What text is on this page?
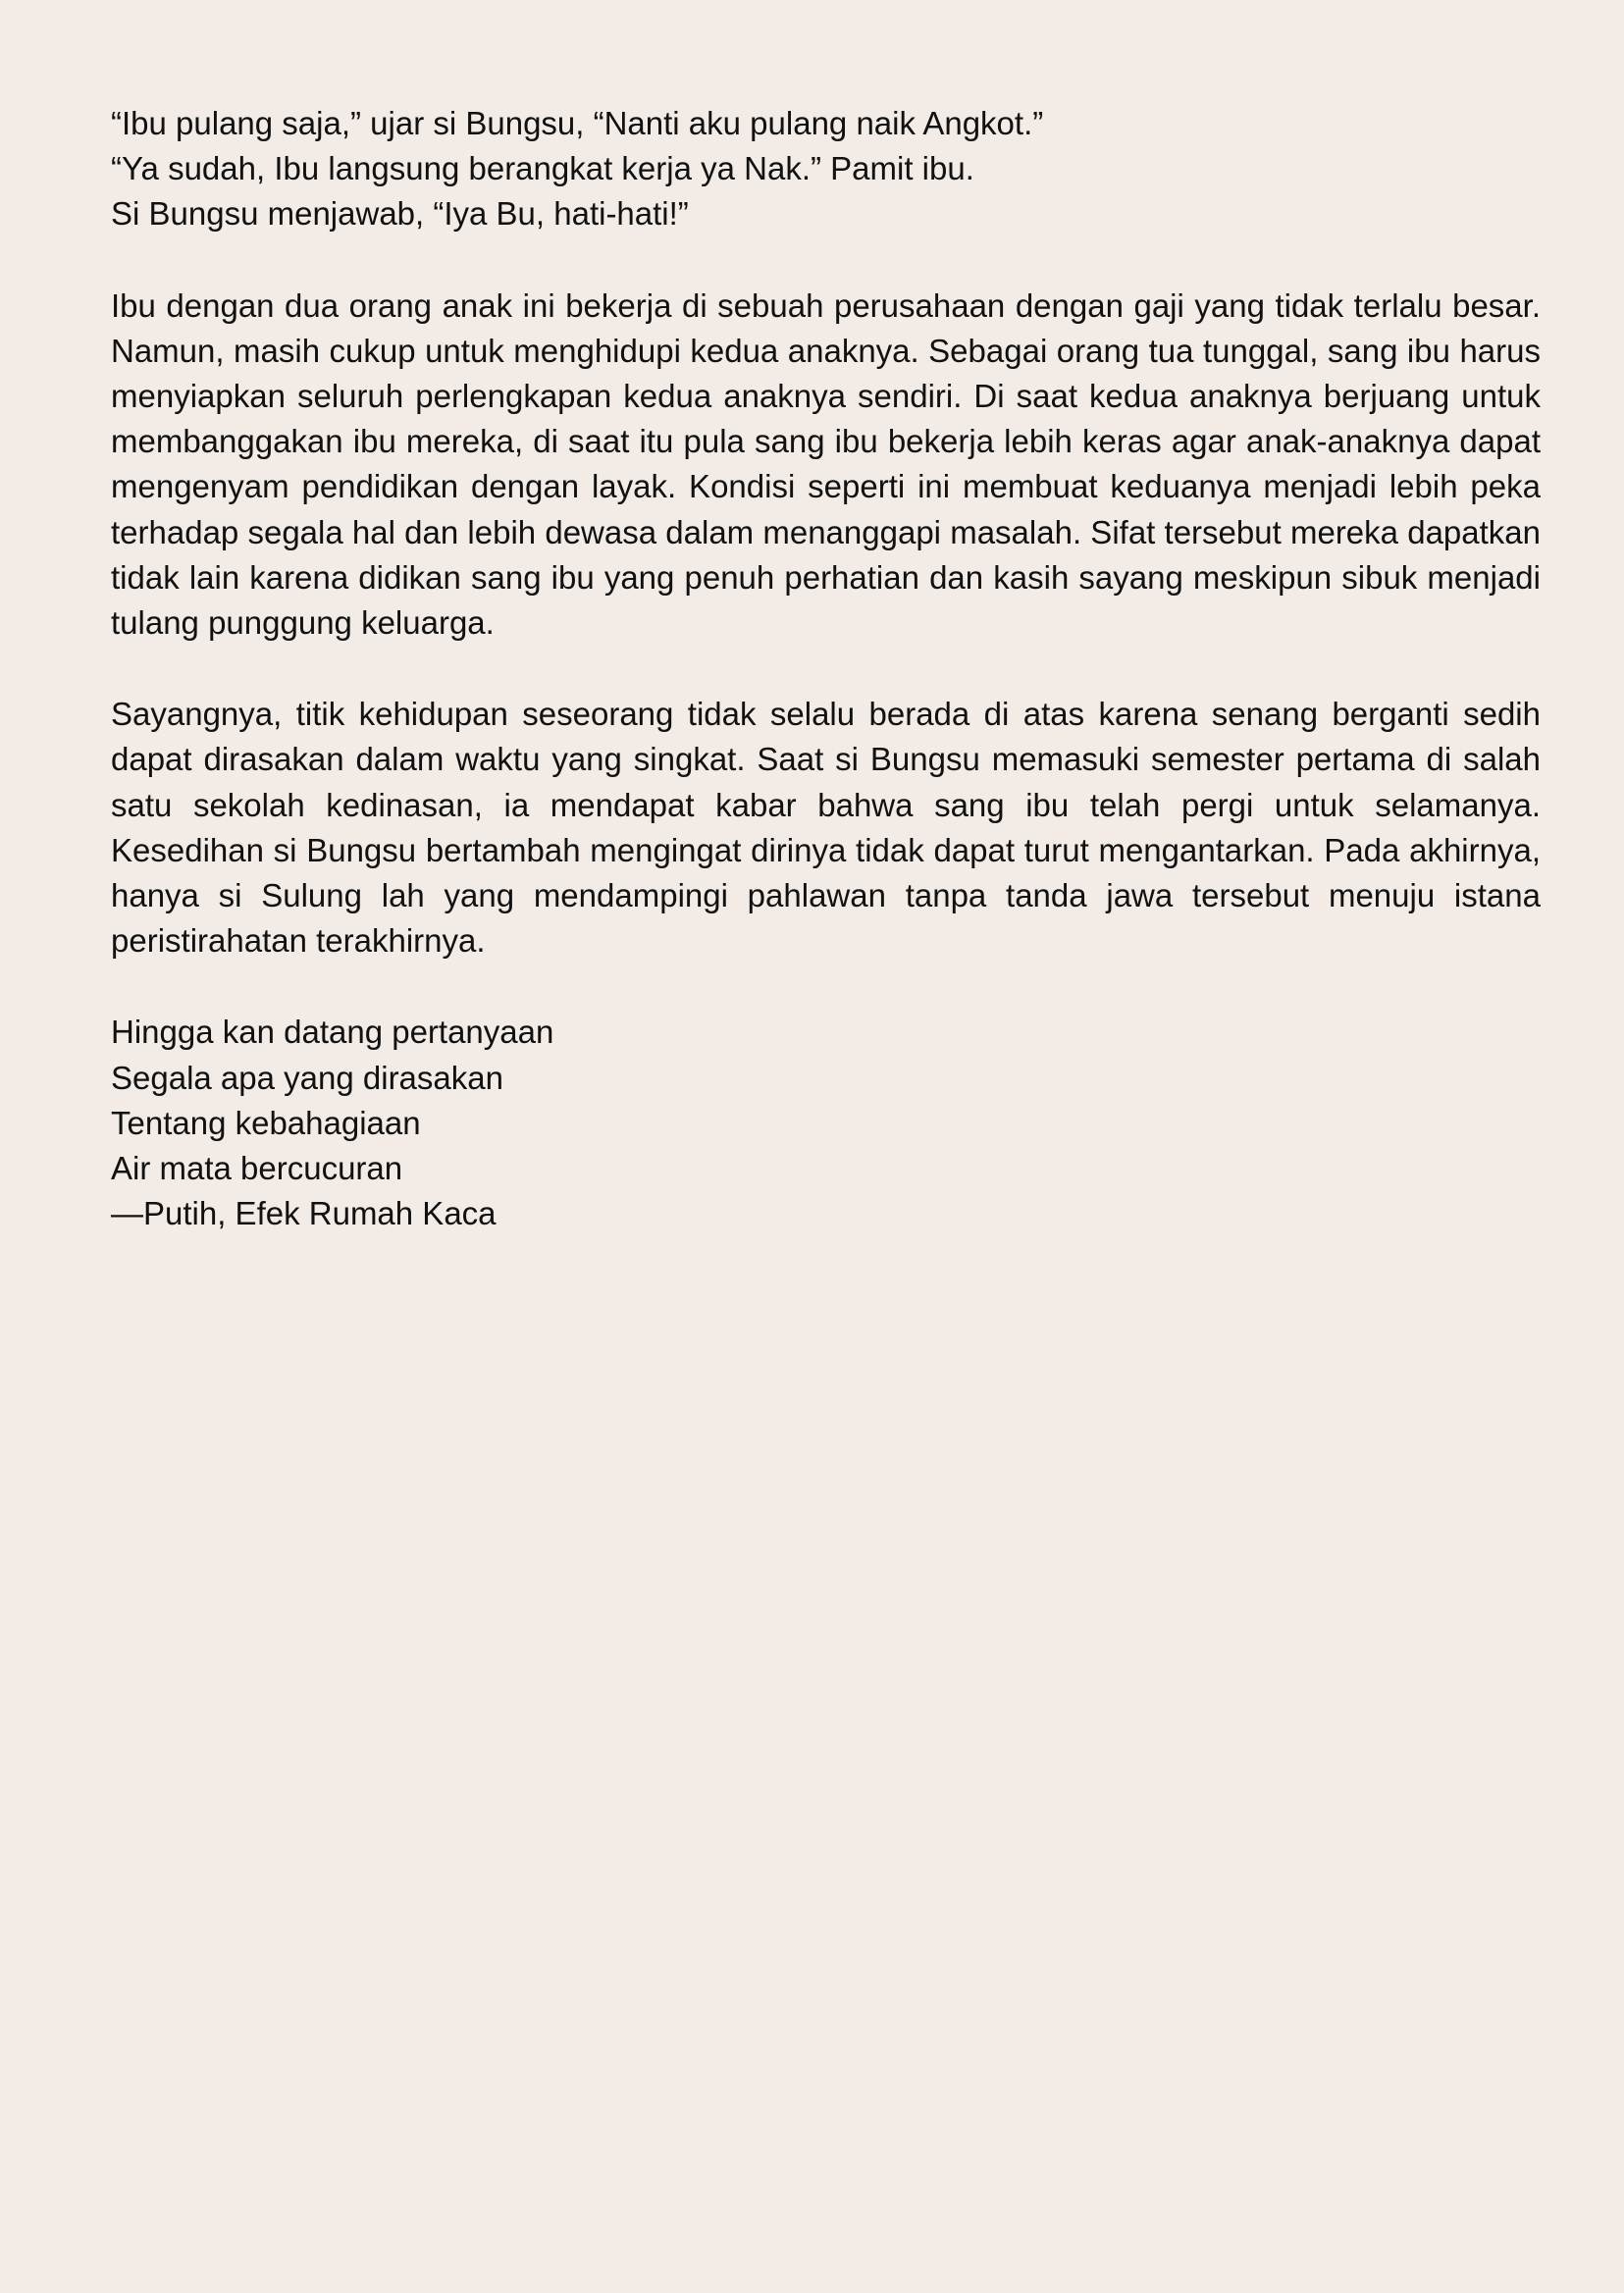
“Ibu pulang saja,” ujar si Bungsu, “Nanti aku pulang naik Angkot.”
“Ya sudah, Ibu langsung berangkat kerja ya Nak.” Pamit ibu.
Si Bungsu menjawab, “Iya Bu, hati-hati!”

Ibu dengan dua orang anak ini bekerja di sebuah perusahaan dengan gaji yang tidak terlalu besar. Namun, masih cukup untuk menghidupi kedua anaknya. Sebagai orang tua tunggal, sang ibu harus menyiapkan seluruh perlengkapan kedua anaknya sendiri. Di saat kedua anaknya berjuang untuk membanggakan ibu mereka, di saat itu pula sang ibu bekerja lebih keras agar anak-anaknya dapat mengenyam pendidikan dengan layak. Kondisi seperti ini membuat keduanya menjadi lebih peka terhadap segala hal dan lebih dewasa dalam menanggapi masalah. Sifat tersebut mereka dapatkan tidak lain karena didikan sang ibu yang penuh perhatian dan kasih sayang meskipun sibuk menjadi tulang punggung keluarga.

Sayangnya, titik kehidupan seseorang tidak selalu berada di atas karena senang berganti sedih dapat dirasakan dalam waktu yang singkat. Saat si Bungsu memasuki semester pertama di salah satu sekolah kedinasan, ia mendapat kabar bahwa sang ibu telah pergi untuk selamanya. Kesedihan si Bungsu bertambah mengingat dirinya tidak dapat turut mengantarkan. Pada akhirnya, hanya si Sulung lah yang mendampingi pahlawan tanpa tanda jawa tersebut menuju istana peristirahatan terakhirnya.

Hingga kan datang pertanyaan
Segala apa yang dirasakan
Tentang kebahagiaan
Air mata bercucuran
—Putih, Efek Rumah Kaca
